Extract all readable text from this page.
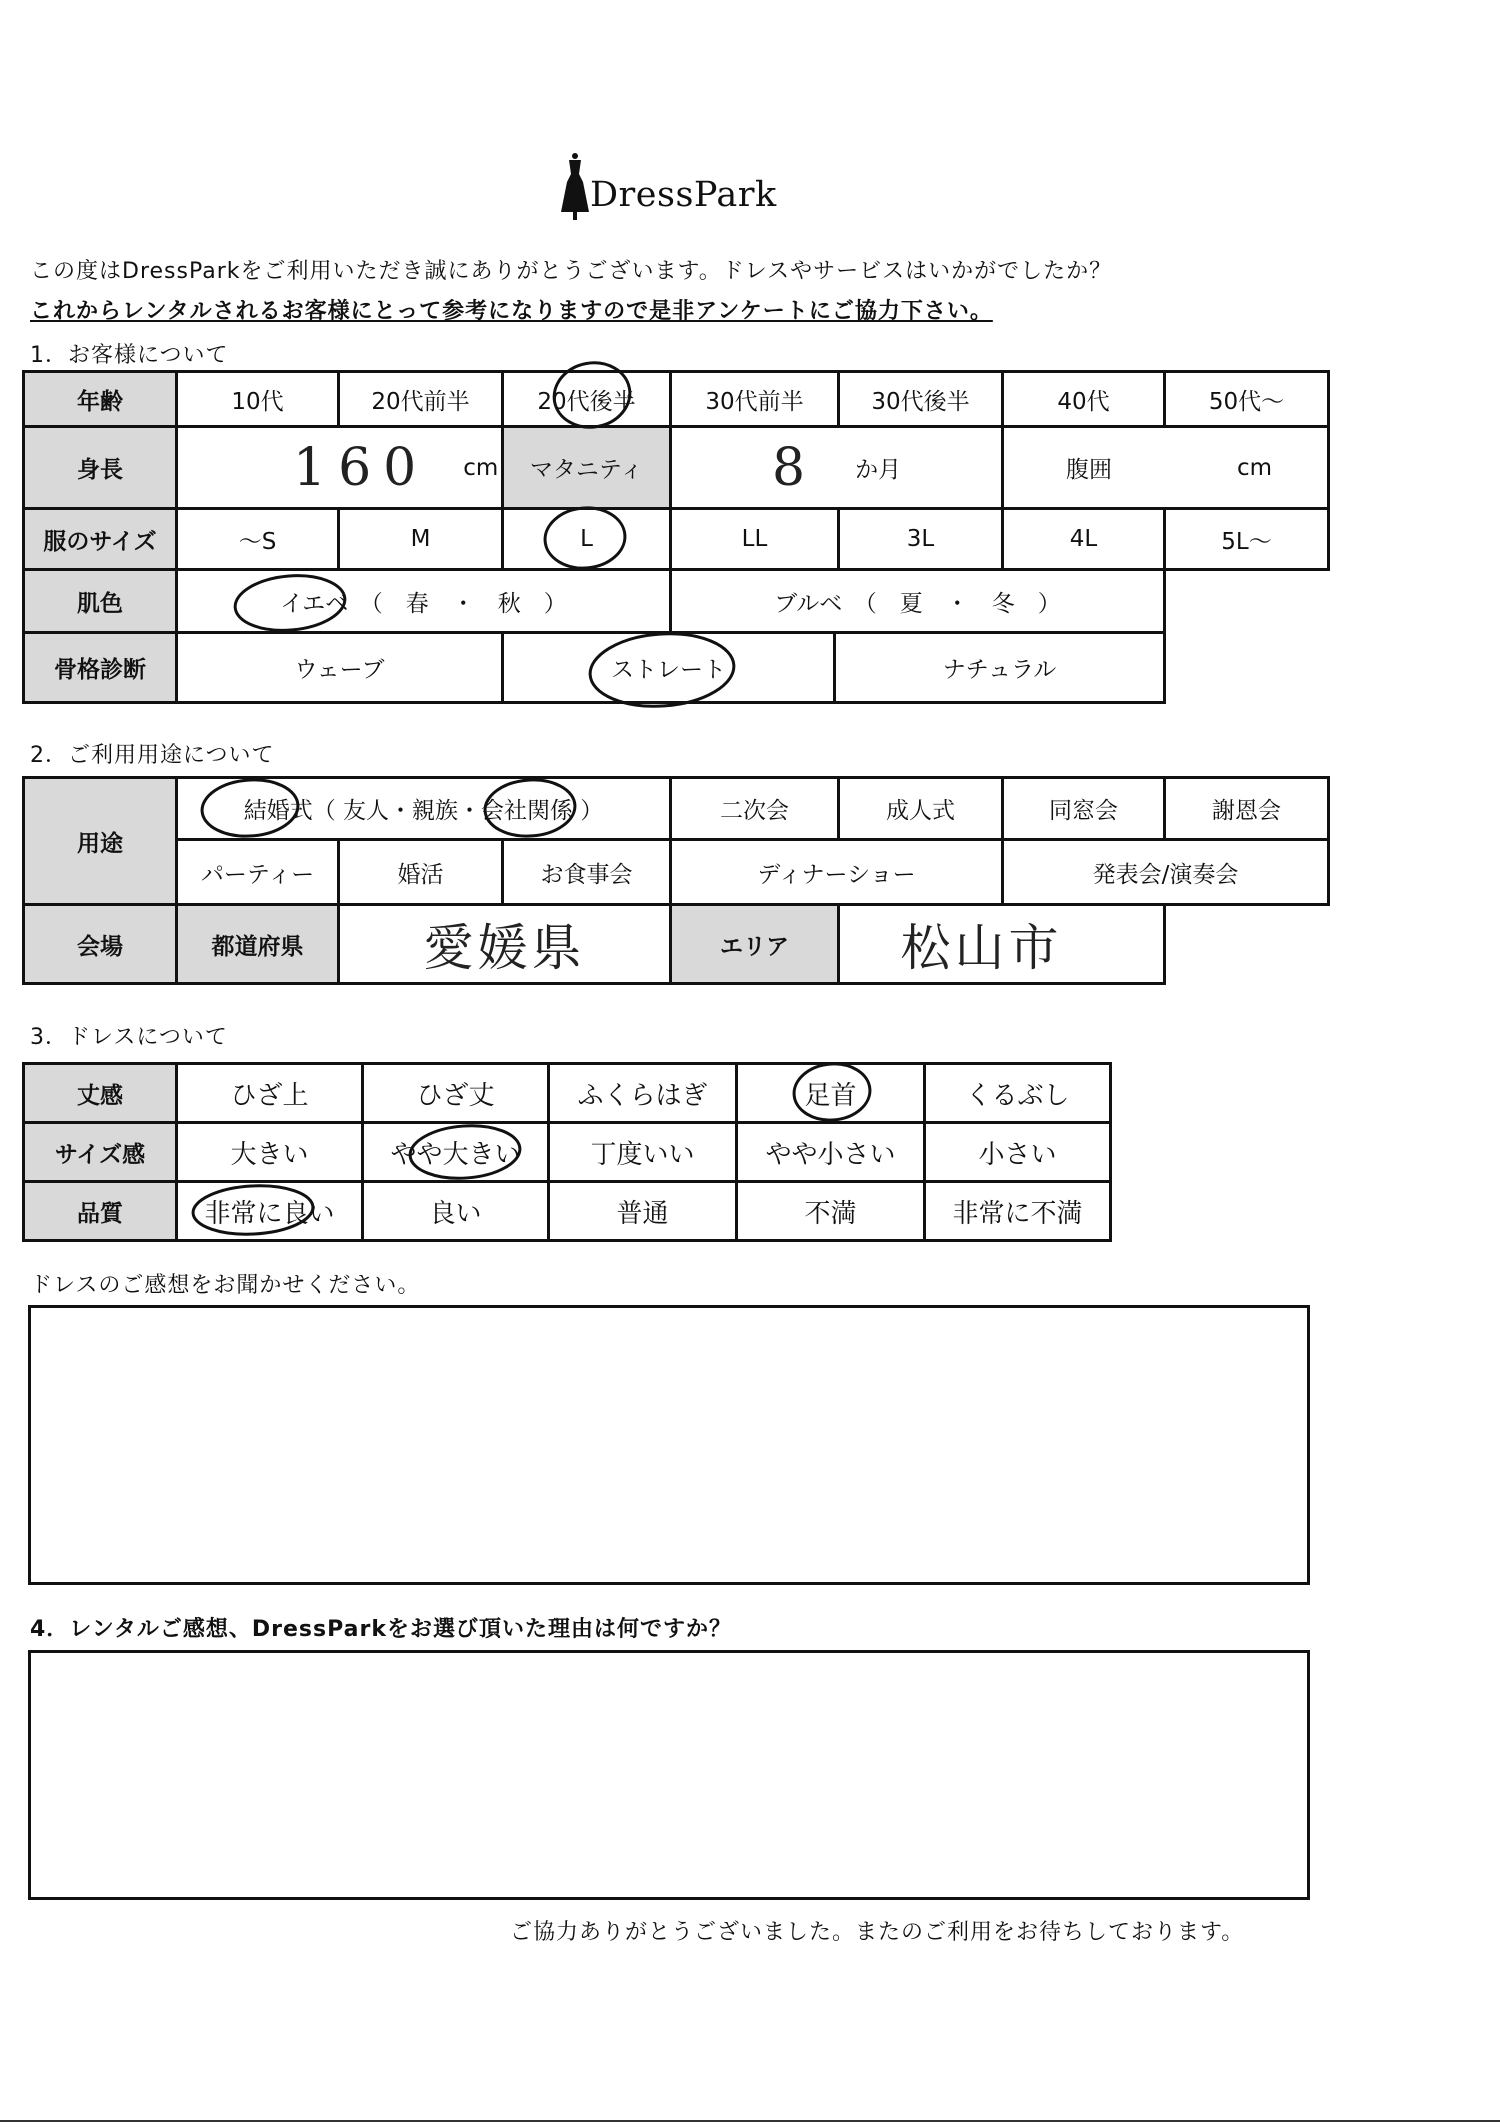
DressPark
この度はDressParkをご利用いただき誠にありがとうございます。ドレスやサービスはいかがでしたか？
これからレンタルされるお客様にとって参考になりますので是非アンケートにご協力下さい。
1．お客様について
年齢	10代	20代前半	20代後半	30代前半	30代後半	40代	50代〜
身長	160 cm	マタニティ	8 か月	腹囲	cm
服のサイズ	〜S	M	L	LL	3L	4L	5L〜
肌色	イエベ　（　春　・　秋　）	ブルベ　（　夏　・　冬　）
骨格診断	ウェーブ	ストレート	ナチュラル
2．ご利用用途について
用途
結婚式（ 友人・親族・会社関係 ）	二次会	成人式	同窓会	謝恩会
パーティー	婚活	お食事会	ディナーショー	発表会/演奏会
会場	都道府県	愛媛県	エリア	松山市
3．ドレスについて
丈感	ひざ上	ひざ丈	ふくらはぎ	足首	くるぶし
サイズ感	大きい	やや大きい	丁度いい	やや小さい	小さい
品質	非常に良い	良い	普通	不満	非常に不満
ドレスのご感想をお聞かせください。
4．レンタルご感想、DressParkをお選び頂いた理由は何ですか？
ご協力ありがとうございました。またのご利用をお待ちしております。
